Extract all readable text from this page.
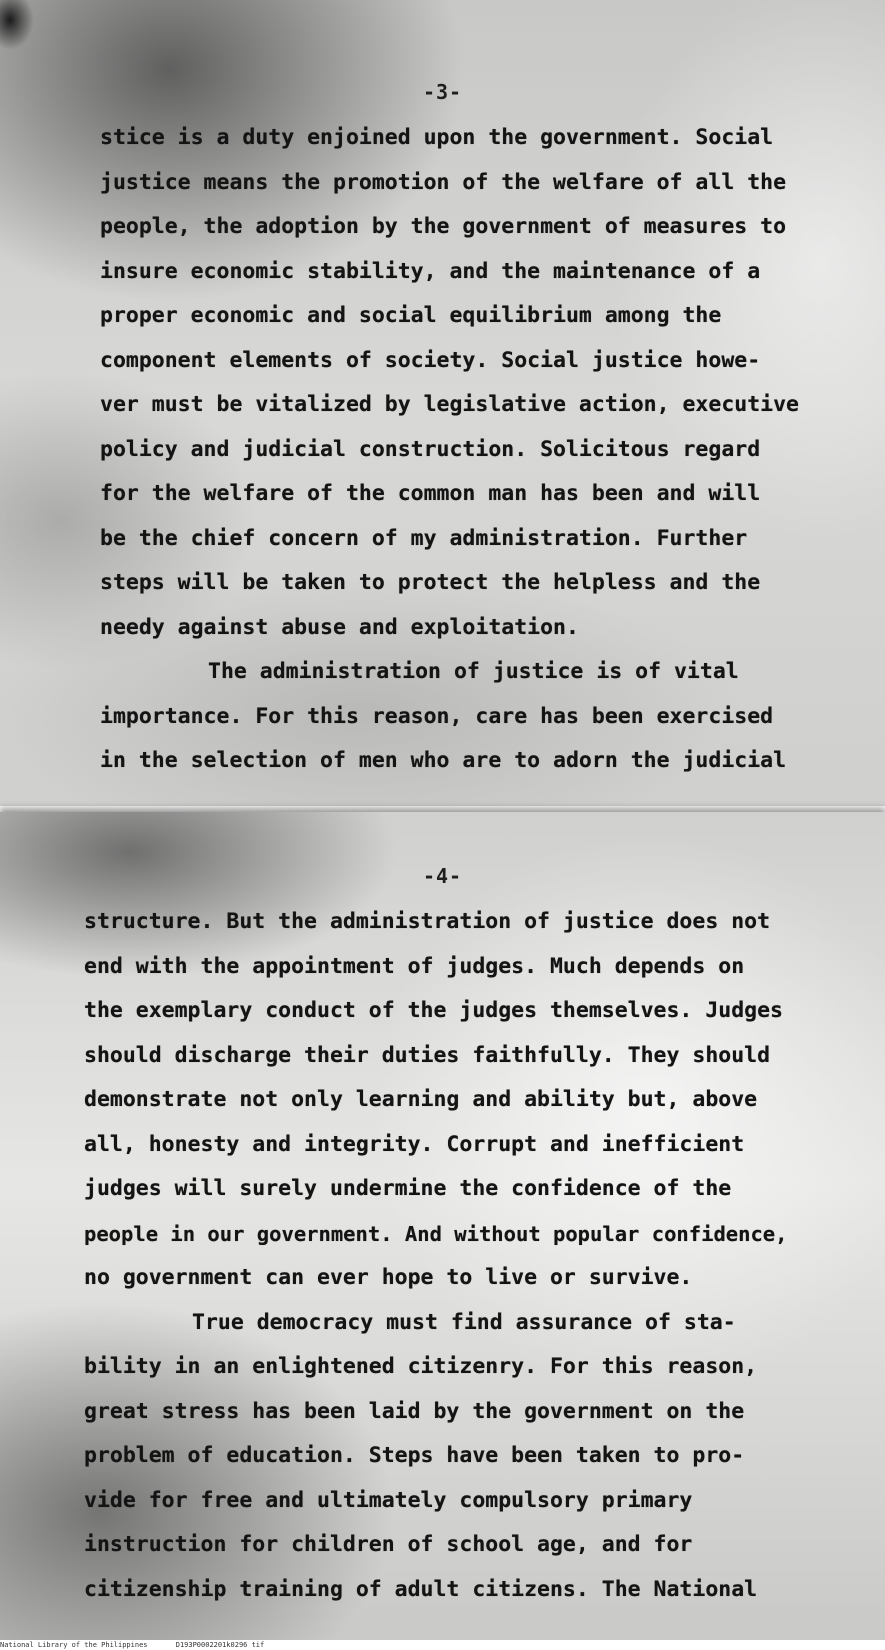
-3-
stice is a duty enjoined upon the government. Social
justice means the promotion of the welfare of all the
people, the adoption by the government of measures to
insure economic stability, and the maintenance of a
proper economic and social equilibrium among the
component elements of society. Social justice howe-
ver must be vitalized by legislative action, executive
policy and judicial construction. Solicitous regard
for the welfare of the common man has been and will
be the chief concern of my administration. Further
steps will be taken to protect the helpless and the
needy against abuse and exploitation.
The administration of justice is of vital
importance. For this reason, care has been exercised
in the selection of men who are to adorn the judicial
-4-
structure. But the administration of justice does not
end with the appointment of judges. Much depends on
the exemplary conduct of the judges themselves. Judges
should discharge their duties faithfully. They should
demonstrate not only learning and ability but, above
all, honesty and integrity. Corrupt and inefficient
judges will surely undermine the confidence of the
people in our government. And without popular confidence,
no government can ever hope to live or survive.
True democracy must find assurance of sta-
bility in an enlightened citizenry. For this reason,
great stress has been laid by the government on the
problem of education. Steps have been taken to pro-
vide for free and ultimately compulsory primary
instruction for children of school age, and for
citizenship training of adult citizens. The National
National Library of the Philippines	D193P0002201k0296 tif
